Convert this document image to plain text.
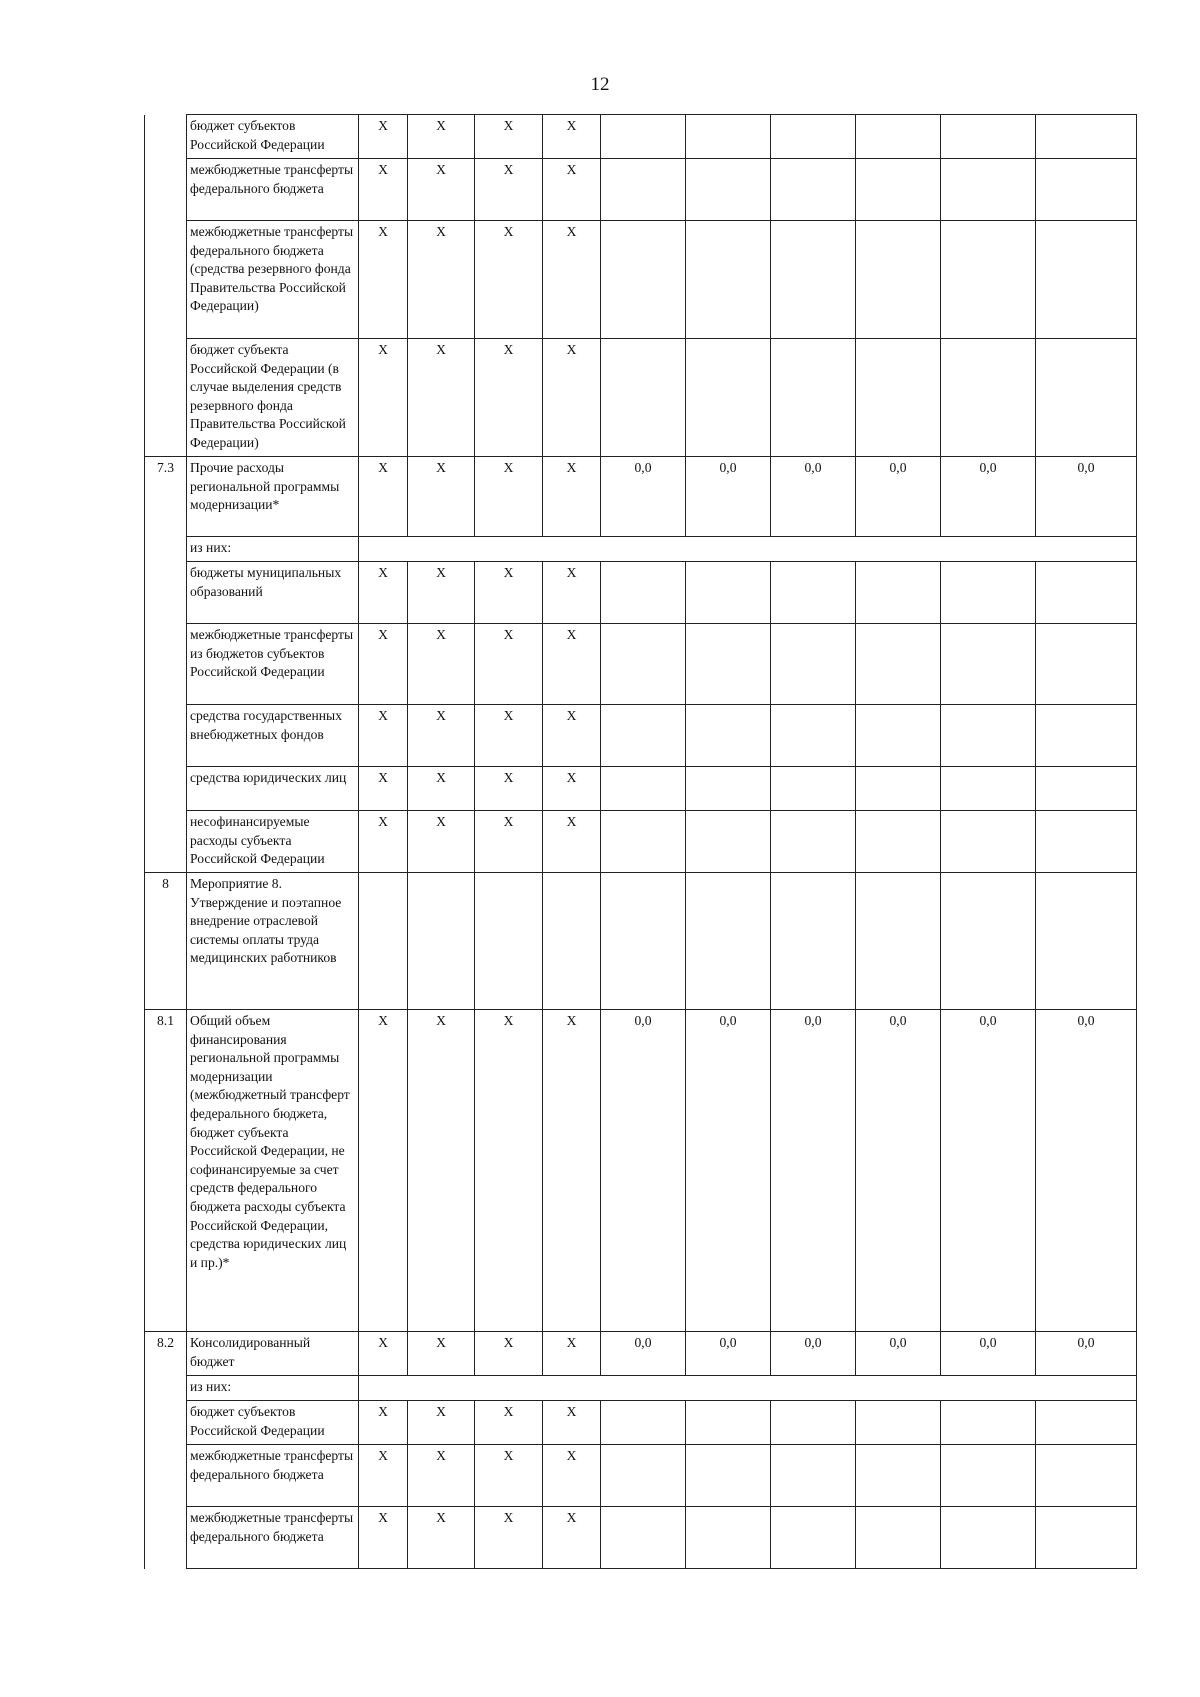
12
	бюджет субъектов Российской Федерации	X	X	X	X						
	межбюджетные трансферты федерального бюджета	X	X	X	X						
	межбюджетные трансферты федерального бюджета (средства резервного фонда Правительства Российской Федерации)	X	X	X	X						
	бюджет субъекта Российской Федерации (в случае выделения средств резервного фонда Правительства Российской Федерации)	X	X	X	X						
7.3	Прочие расходы региональной программы модернизации*	X	X	X	X	0,0	0,0	0,0	0,0	0,0	0,0
	из них:										
	бюджеты муниципальных образований	X	X	X	X						
	межбюджетные трансферты из бюджетов субъектов Российской Федерации	X	X	X	X						
	средства государственных внебюджетных фондов	X	X	X	X						
	средства юридических лиц	X	X	X	X						
	несофинансируемые расходы субъекта Российской Федерации	X	X	X	X						
8	Мероприятие 8. Утверждение и поэтапное внедрение отраслевой системы оплаты труда медицинских работников										
8.1	Общий объем финансирования региональной программы модернизации (межбюджетный трансферт федерального бюджета, бюджет субъекта Российской Федерации, не софинансируемые за счет средств федерального бюджета расходы субъекта Российской Федерации, средства юридических лиц и пр.)*	X	X	X	X	0,0	0,0	0,0	0,0	0,0	0,0
8.2	Консолидированный бюджет	X	X	X	X	0,0	0,0	0,0	0,0	0,0	0,0
	из них:										
	бюджет субъектов Российской Федерации	X	X	X	X						
	межбюджетные трансферты федерального бюджета	X	X	X	X						
	межбюджетные трансферты федерального бюджета	X	X	X	X						
